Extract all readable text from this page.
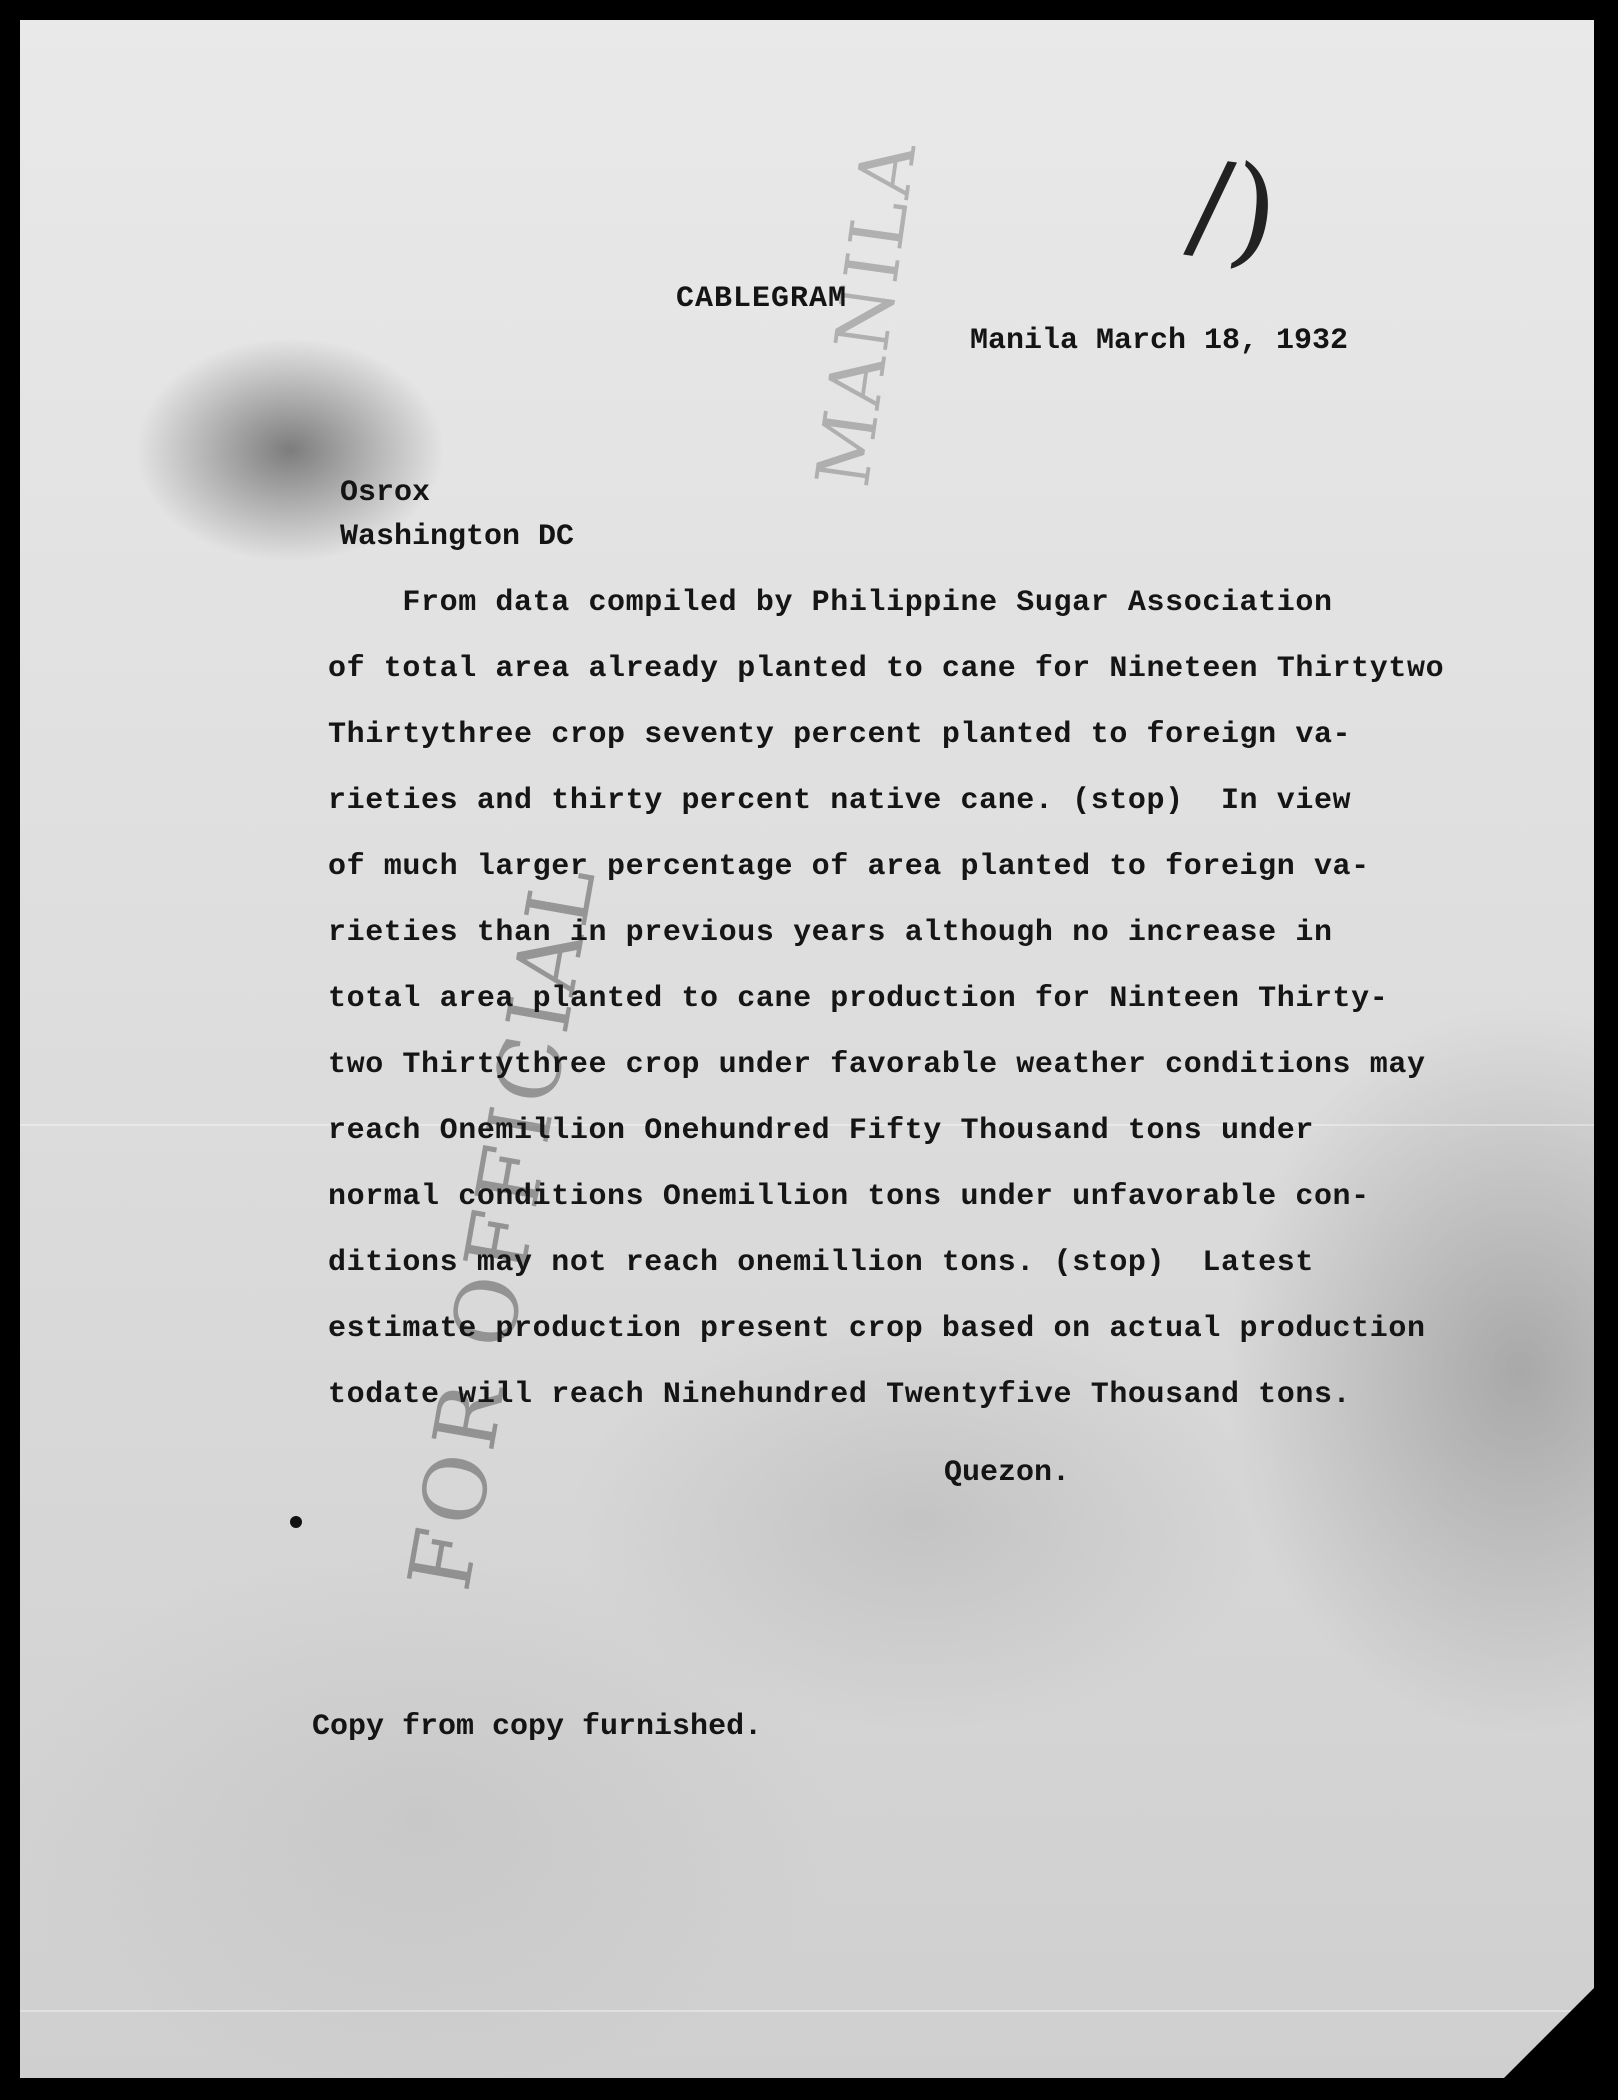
FOR OFFICIAL
MANILA /)
CABLEGRAM
Manila March 18, 1932
Osrox
Washington DC
From data compiled by Philippine Sugar Association
of total area already planted to cane for Nineteen Thirtytwo
Thirtythree crop seventy percent planted to foreign va-
rieties and thirty percent native cane. (stop)  In view
of much larger percentage of area planted to foreign va-
rieties than in previous years although no increase in
total area planted to cane production for Ninteen Thirty-
two Thirtythree crop under favorable weather conditions may
reach Onemillion Onehundred Fifty Thousand tons under
normal conditions Onemillion tons under unfavorable con-
ditions may not reach onemillion tons. (stop)  Latest
estimate production present crop based on actual production
todate will reach Ninehundred Twentyfive Thousand tons.
Quezon.
Copy from copy furnished.
